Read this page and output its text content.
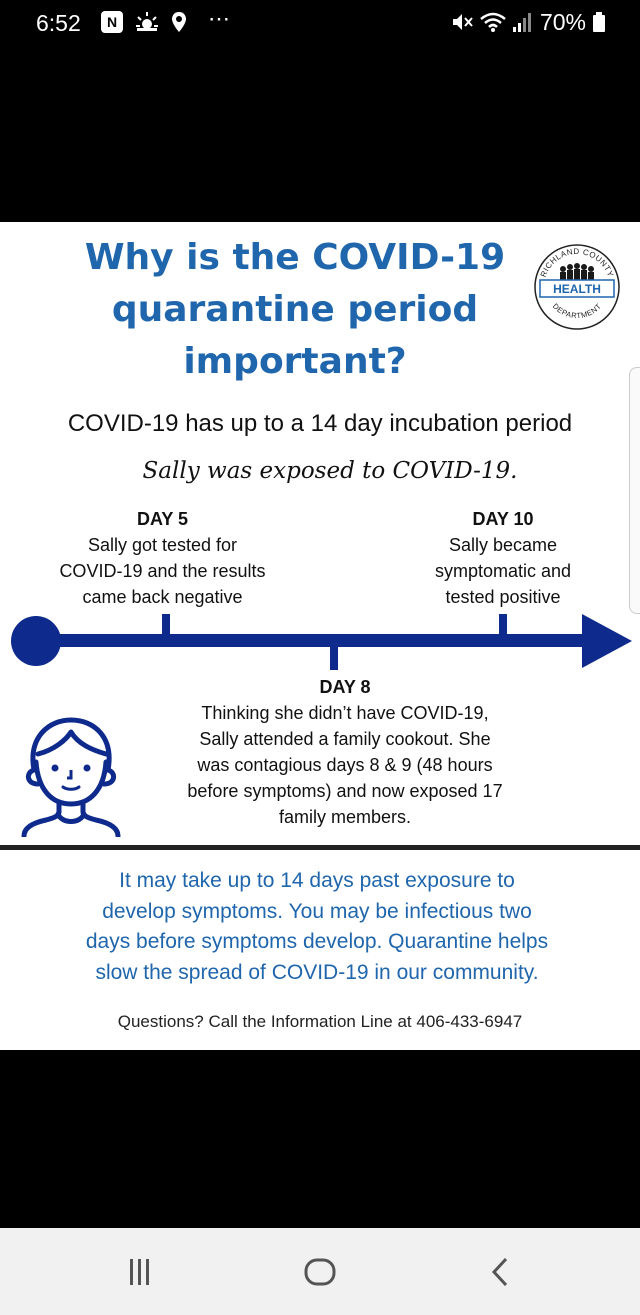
6:52	N	⋯	70%
Why is the COVID-19
quarantine period
important?
RICHLAND COUNTY
HEALTH
DEPARTMENT
COVID-19 has up to a 14 day incubation period
Sally was exposed to COVID-19.
DAY 5
Sally got tested for
COVID-19 and the results
came back negative
DAY 10
Sally became
symptomatic and
tested positive
DAY 8
Thinking she didn’t have COVID-19,
Sally attended a family cookout. She
was contagious days 8 & 9 (48 hours
before symptoms) and now exposed 17
family members.
It may take up to 14 days past exposure to
develop symptoms. You may be infectious two
days before symptoms develop. Quarantine helps
slow the spread of COVID-19 in our community.
Questions? Call the Information Line at 406-433-6947
